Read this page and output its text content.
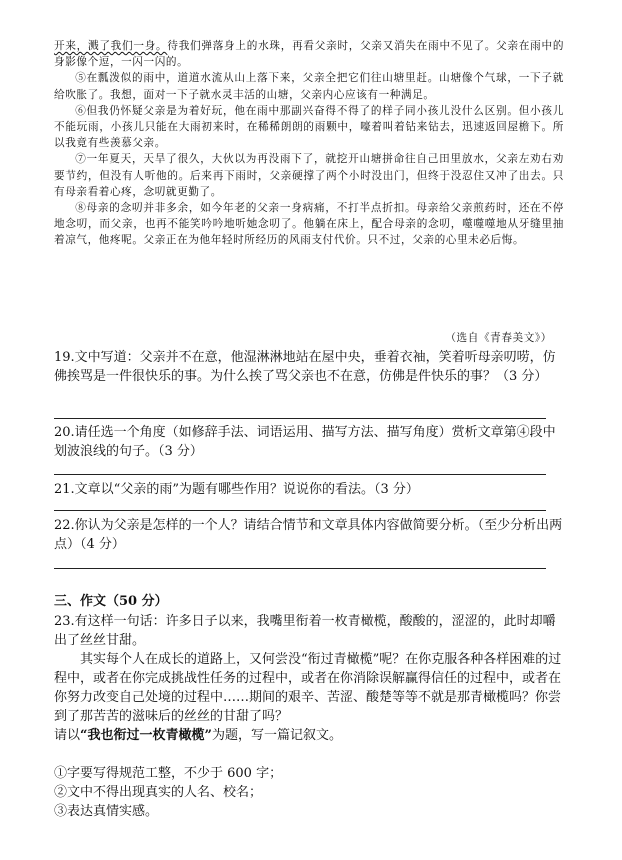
开来，溅了我们一身。待我们弹落身上的水珠，再看父亲时，父亲又消失在雨中不见了。父亲在雨中的身影像个逗，一闪一闪的。

⑤在瓢泼似的雨中，道道水流从山上落下来，父亲全把它们往山塘里赶。山塘像个气球，一下子就给吹胀了。我想，面对一下子就水灵丰活的山塘，父亲内心应该有一种满足。

⑥但我仍怀疑父亲是为着好玩，他在雨中那副兴奋得不得了的样子同小孩儿没什么区别。但小孩儿不能玩雨，小孩儿只能在大雨初来时，在稀稀朗朗的雨颗中，嚎着叫着钻来钻去，迅速返回屋檐下。所以我竟有些羡慕父亲。

⑦一年夏天，天旱了很久，大伙以为再没雨下了，就挖开山塘拼命往自己田里放水，父亲左劝右劝要节约，但没有人听他的。后来再下雨时，父亲硬撑了两个小时没出门，但终于没忍住又冲了出去。只有母亲看着心疼，念叨就更勤了。

⑧母亲的念叨并非多余，如今年老的父亲一身病痛，不打半点折扣。母亲给父亲煎药时，还在不停地念叨，而父亲，也再不能笑吟吟地听她念叨了。他躺在床上，配合母亲的念叨，噬噬噬地从牙缝里抽着凉气，他疼呢。父亲正在为他年轻时所经历的风雨支付代价。只不过，父亲的心里未必后悔。

（选自《青春美文》）

19.文中写道：父亲并不在意，他湿淋淋地站在屋中央，垂着衣袖，笑着听母亲叨唠，仿佛挨骂是一件很快乐的事。为什么挨了骂父亲也不在意，仿佛是件快乐的事？（3 分）

20.请任选一个角度（如修辞手法、词语运用、描写方法、描写角度）赏析文章第④段中划波浪线的句子。（3 分）

21.文章以“父亲的雨”为题有哪些作用？说说你的看法。（3 分）

22.你认为父亲是怎样的一个人？请结合情节和文章具体内容做简要分析。（至少分析出两点）（4 分）

三、作文（50 分）

23.有这样一句话：许多日子以来，我嘴里衔着一枚青橄榄，酸酸的，涩涩的，此时却嚼出了丝丝甘甜。

其实每个人在成长的道路上，又何尝没“衔过青橄榄”呢？在你克服各种各样困难的过程中，或者在你完成挑战性任务的过程中，或者在你消除误解赢得信任的过程中，或者在你努力改变自己处境的过程中……期间的艰辛、苦涩、酸楚等等不就是那青橄榄吗？你尝到了那苦苦的滋味后的丝丝的甘甜了吗？

请以“我也衔过一枚青橄榄”为题，写一篇记叙文。

①字要写得规范工整，不少于 600 字；

②文中不得出现真实的人名、校名；

③表达真情实感。
